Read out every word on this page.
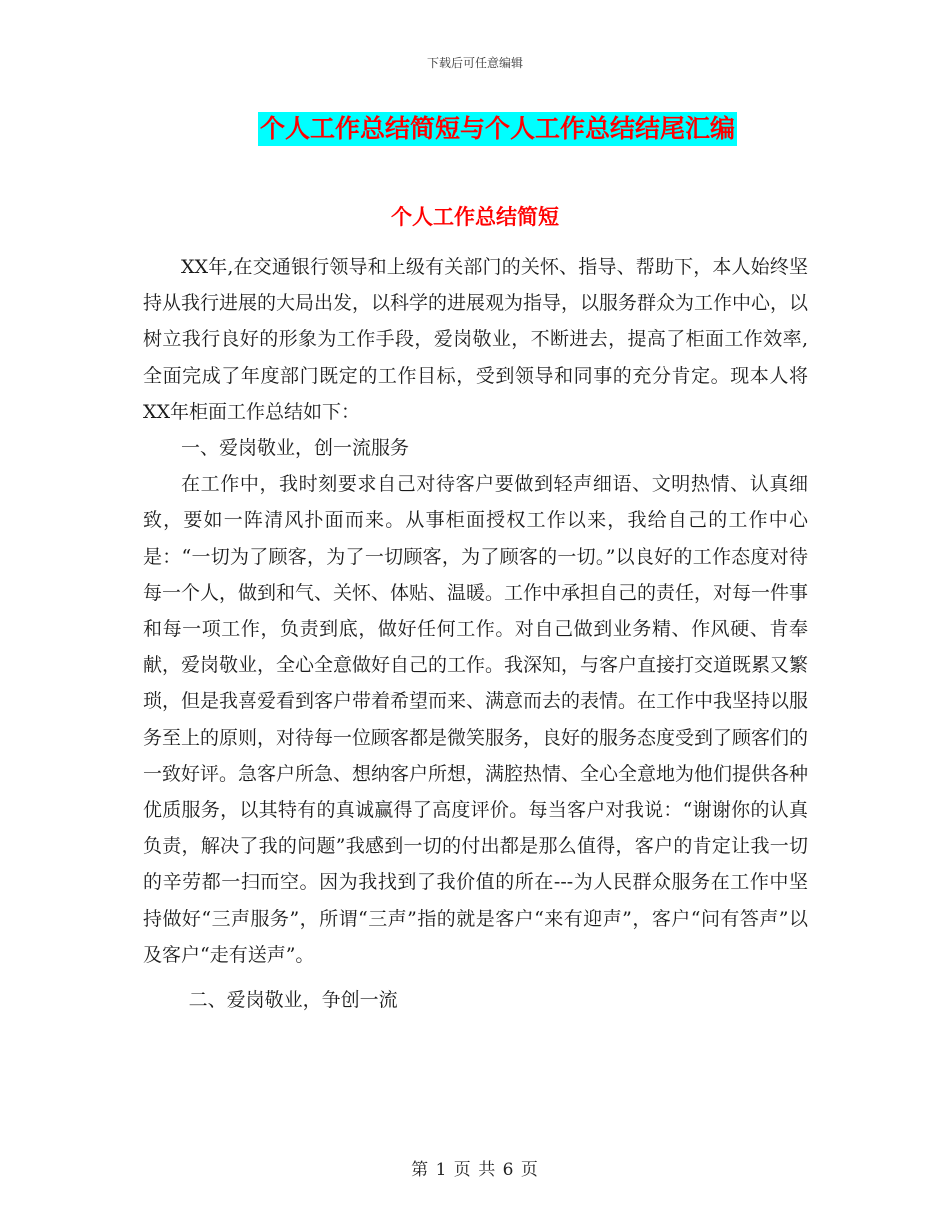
下载后可任意编辑
个人工作总结简短与个人工作总结结尾汇编
个人工作总结简短

XX年,在交通银行领导和上级有关部门的关怀、指导、帮助下，本人始终坚持从我行进展的大局出发，以科学的进展观为指导，以服务群众为工作中心，以树立我行良好的形象为工作手段，爱岗敬业，不断进去，提高了柜面工作效率,全面完成了年度部门既定的工作目标，受到领导和同事的充分肯定。现本人将XX年柜面工作总结如下：

一、爱岗敬业，创一流服务

在工作中，我时刻要求自己对待客户要做到轻声细语、文明热情、认真细致，要如一阵清风扑面而来。从事柜面授权工作以来，我给自己的工作中心是：“一切为了顾客，为了一切顾客，为了顾客的一切。”以良好的工作态度对待每一个人，做到和气、关怀、体贴、温暖。工作中承担自己的责任，对每一件事和每一项工作，负责到底，做好任何工作。对自己做到业务精、作风硬、肯奉献，爱岗敬业，全心全意做好自己的工作。我深知，与客户直接打交道既累又繁琐，但是我喜爱看到客户带着希望而来、满意而去的表情。在工作中我坚持以服务至上的原则，对待每一位顾客都是微笑服务，良好的服务态度受到了顾客们的一致好评。急客户所急、想纳客户所想，满腔热情、全心全意地为他们提供各种优质服务，以其特有的真诚赢得了高度评价。每当客户对我说：“谢谢你的认真负责，解决了我的问题”我感到一切的付出都是那么值得，客户的肯定让我一切的辛劳都一扫而空。因为我找到了我价值的所在---为人民群众服务在工作中坚持做好“三声服务”，所谓“三声”指的就是客户“来有迎声”，客户“问有答声”以及客户“走有送声”。

二、爱岗敬业，争创一流

第 1 页 共 6 页
